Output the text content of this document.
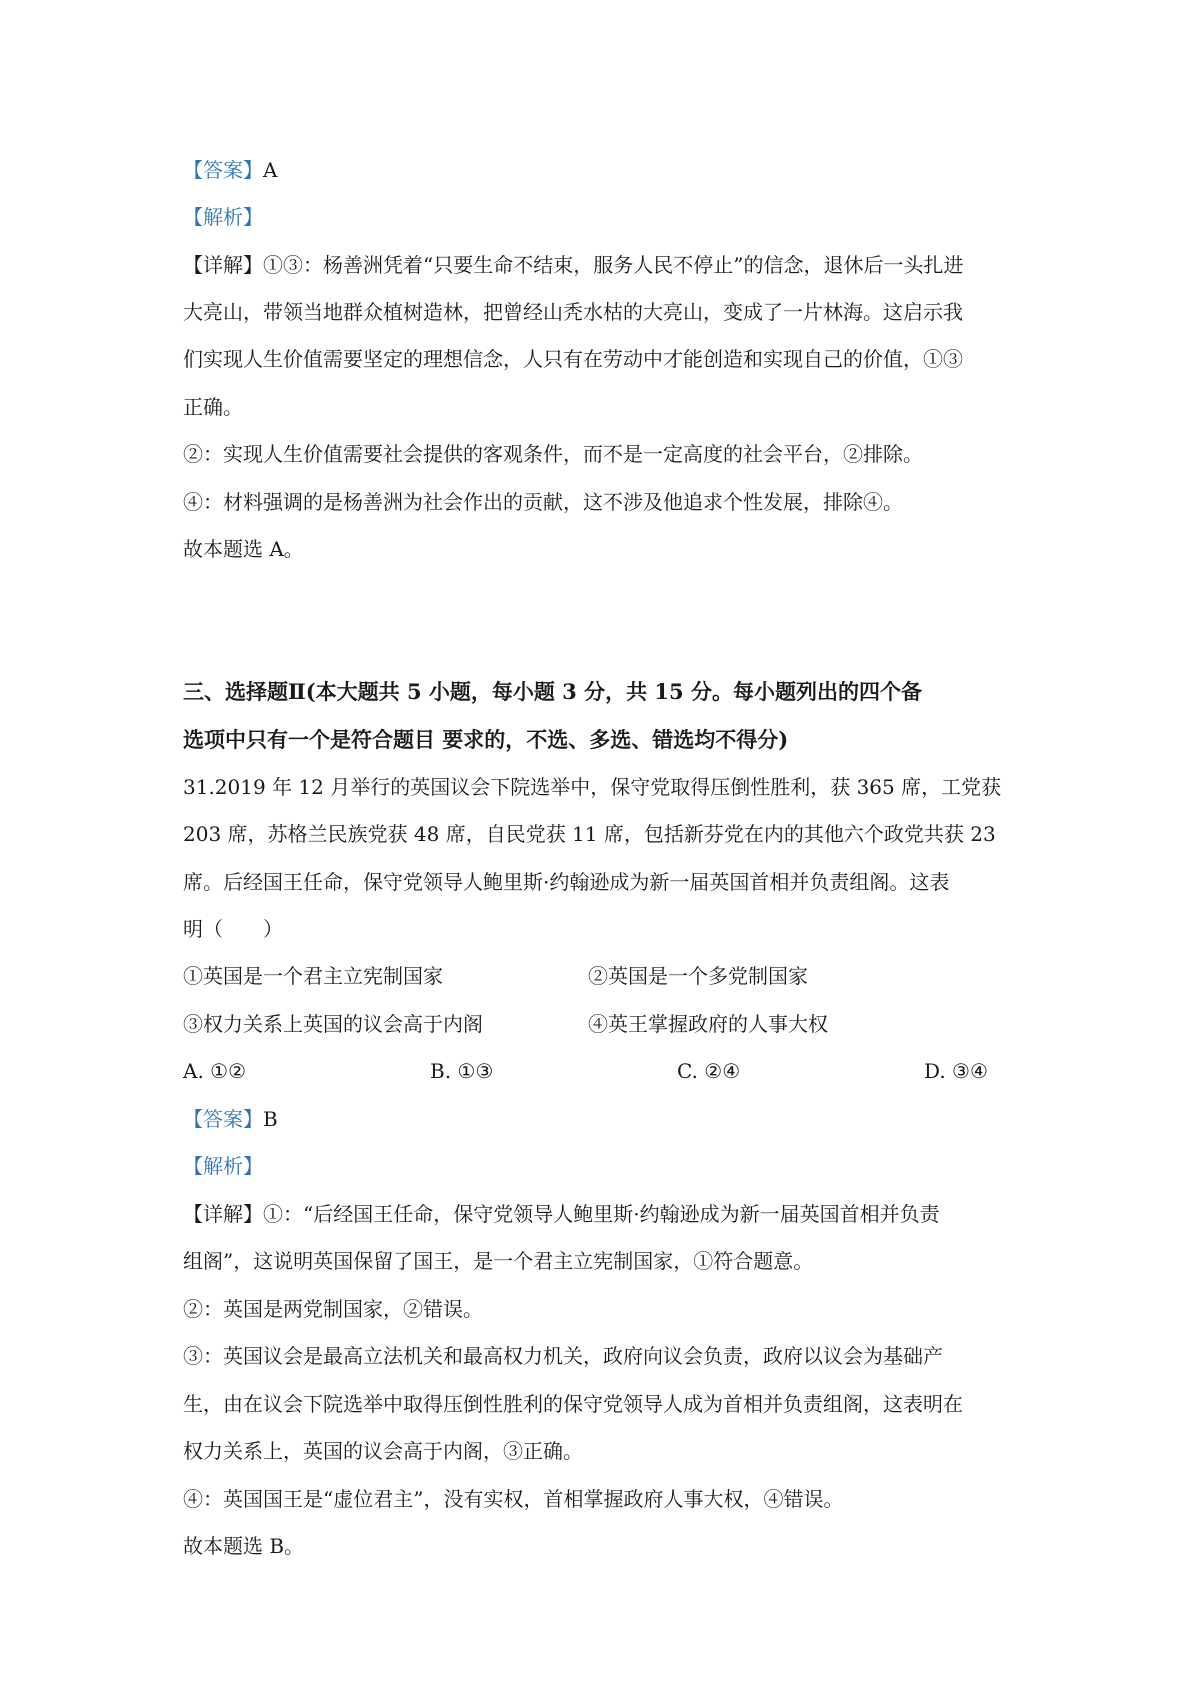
【答案】A
【解析】
【详解】①③：杨善洲凭着“只要生命不结束，服务人民不停止”的信念，退休后一头扎进
大亮山，带领当地群众植树造林，把曾经山秃水枯的大亮山，变成了一片林海。这启示我
们实现人生价值需要坚定的理想信念，人只有在劳动中才能创造和实现自己的价值，①③
正确。
②：实现人生价值需要社会提供的客观条件，而不是一定高度的社会平台，②排除。
④：材料强调的是杨善洲为社会作出的贡献，这不涉及他追求个性发展，排除④。
故本题选 A。
三、选择题Ⅱ(本大题共 5 小题，每小题 3 分，共 15 分。每小题列出的四个备
选项中只有一个是符合题目 要求的，不选、多选、错选均不得分)
31.2019 年 12 月举行的英国议会下院选举中，保守党取得压倒性胜利，获 365 席，工党获
203 席，苏格兰民族党获 48 席，自民党获 11 席，包括新芬党在内的其他六个政党共获 23
席。后经国王任命，保守党领导人鲍里斯·约翰逊成为新一届英国首相并负责组阁。这表
明（　　）
①英国是一个君主立宪制国家	②英国是一个多党制国家
③权力关系上英国的议会高于内阁	④英王掌握政府的人事大权
A. ①②	B. ①③	C. ②④	D. ③④
【答案】B
【解析】
【详解】①：“后经国王任命，保守党领导人鲍里斯·约翰逊成为新一届英国首相并负责
组阁”，这说明英国保留了国王，是一个君主立宪制国家，①符合题意。
②：英国是两党制国家，②错误。
③：英国议会是最高立法机关和最高权力机关，政府向议会负责，政府以议会为基础产
生，由在议会下院选举中取得压倒性胜利的保守党领导人成为首相并负责组阁，这表明在
权力关系上，英国的议会高于内阁，③正确。
④：英国国王是“虚位君主”，没有实权，首相掌握政府人事大权，④错误。
故本题选 B。
